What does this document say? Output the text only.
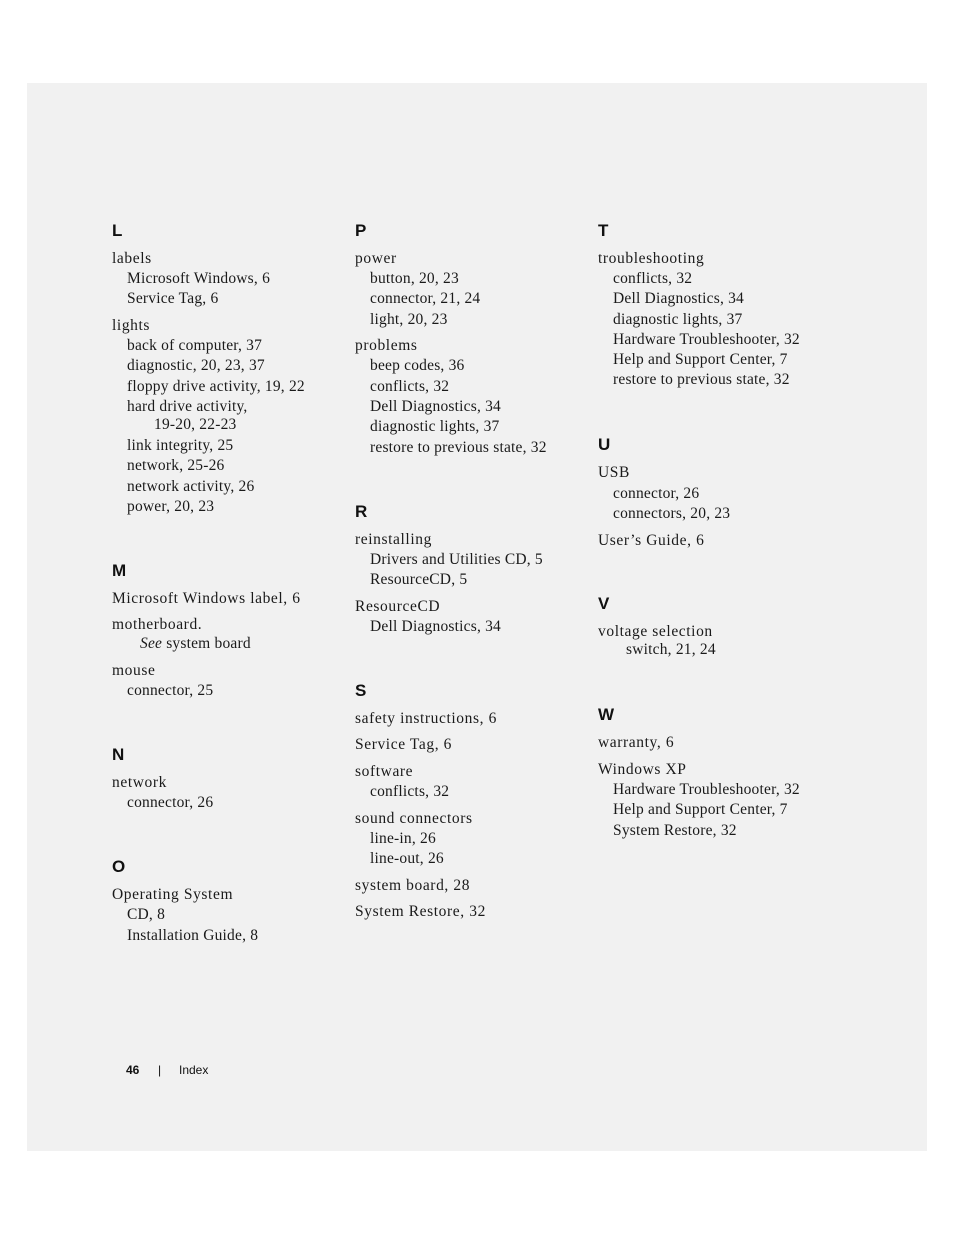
L
labels
Microsoft Windows, 6
Service Tag, 6
lights
back of computer, 37
diagnostic, 20, 23, 37
floppy drive activity, 19, 22
hard drive activity,
19-20, 22-23
link integrity, 25
network, 25-26
network activity, 26
power, 20, 23
M
Microsoft Windows label, 6
motherboard.
See system board
mouse
connector, 25
N
network
connector, 26
O
Operating System
CD, 8
Installation Guide, 8
P
power
button, 20, 23
connector, 21, 24
light, 20, 23
problems
beep codes, 36
conflicts, 32
Dell Diagnostics, 34
diagnostic lights, 37
restore to previous state, 32
R
reinstalling
Drivers and Utilities CD, 5
ResourceCD, 5
ResourceCD
Dell Diagnostics, 34
S
safety instructions, 6
Service Tag, 6
software
conflicts, 32
sound connectors
line-in, 26
line-out, 26
system board, 28
System Restore, 32
T
troubleshooting
conflicts, 32
Dell Diagnostics, 34
diagnostic lights, 37
Hardware Troubleshooter, 32
Help and Support Center, 7
restore to previous state, 32
U
USB
connector, 26
connectors, 20, 23
User’s Guide, 6
V
voltage selection
switch, 21, 24
W
warranty, 6
Windows XP
Hardware Troubleshooter, 32
Help and Support Center, 7
System Restore, 32
46 | Index
